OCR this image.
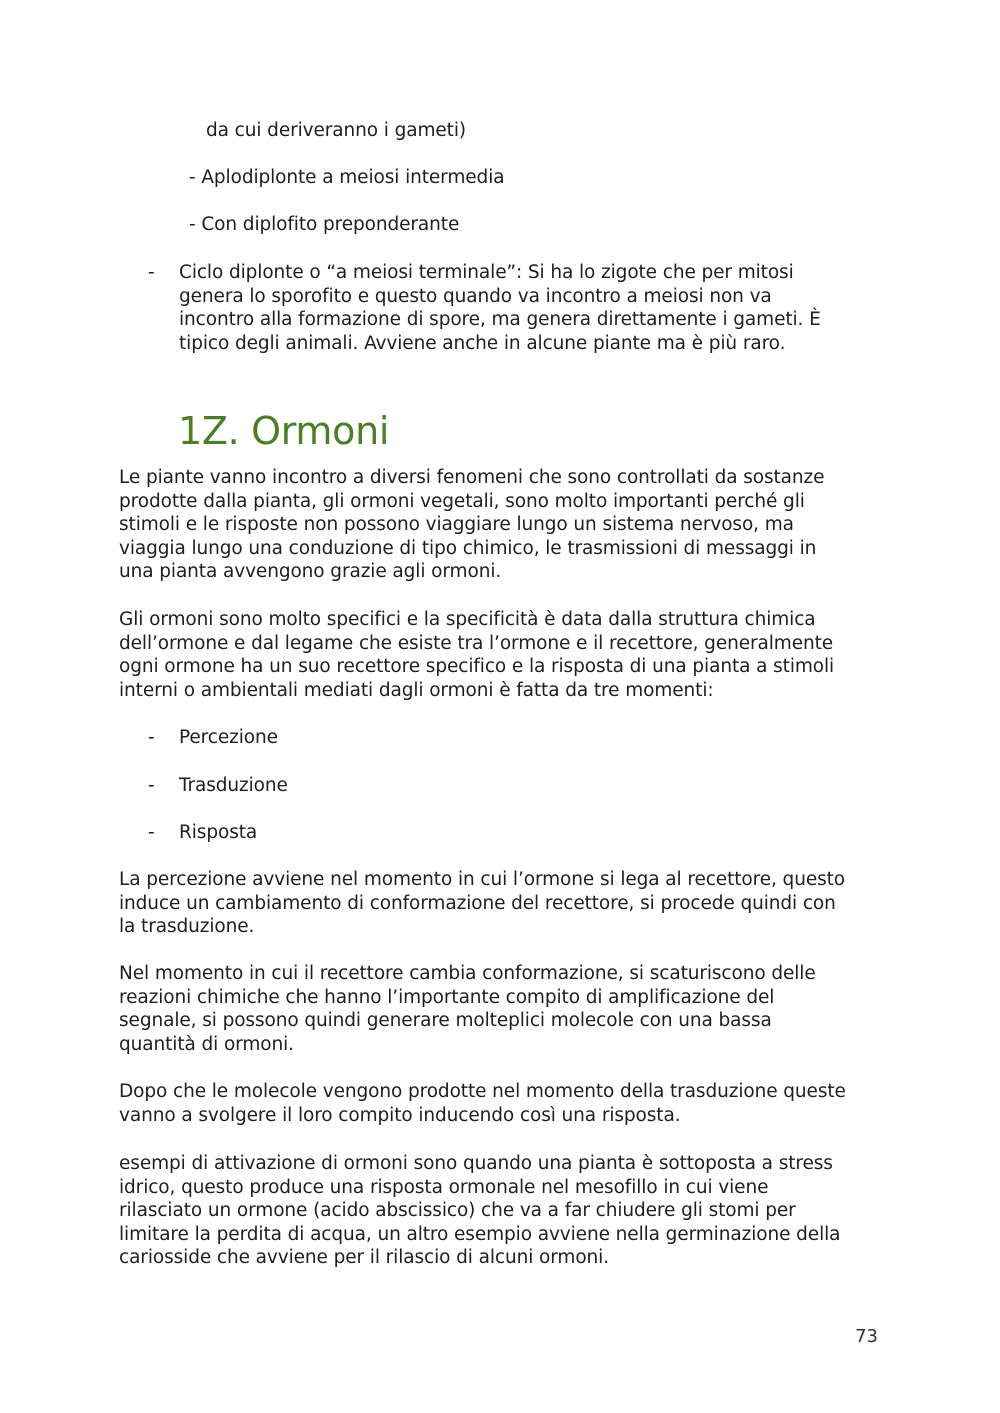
da cui deriveranno i gameti)
- Aplodiplonte a meiosi intermedia
- Con diplofito preponderante
- Ciclo diplonte o “a meiosi terminale”: Si ha lo zigote che per mitosi

genera lo sporofito e questo quando va incontro a meiosi non va

incontro alla formazione di spore, ma genera direttamente i gameti. È

tipico degli animali. Avviene anche in alcune piante ma è più raro.

1Z. Ormoni

Le piante vanno incontro a diversi fenomeni che sono controllati da sostanze

prodotte dalla pianta, gli ormoni vegetali, sono molto importanti perché gli

stimoli e le risposte non possono viaggiare lungo un sistema nervoso, ma

viaggia lungo una conduzione di tipo chimico, le trasmissioni di messaggi in

una pianta avvengono grazie agli ormoni.

Gli ormoni sono molto specifici e la specificità è data dalla struttura chimica

dell’ormone e dal legame che esiste tra l’ormone e il recettore, generalmente

ogni ormone ha un suo recettore specifico e la risposta di una pianta a stimoli

interni o ambientali mediati dagli ormoni è fatta da tre momenti:

- Percezione
- Trasduzione
- Risposta

La percezione avviene nel momento in cui l’ormone si lega al recettore, questo

induce un cambiamento di conformazione del recettore, si procede quindi con

la trasduzione.

Nel momento in cui il recettore cambia conformazione, si scaturiscono delle

reazioni chimiche che hanno l’importante compito di amplificazione del

segnale, si possono quindi generare molteplici molecole con una bassa

quantità di ormoni.

Dopo che le molecole vengono prodotte nel momento della trasduzione queste

vanno a svolgere il loro compito inducendo così una risposta.

esempi di attivazione di ormoni sono quando una pianta è sottoposta a stress

idrico, questo produce una risposta ormonale nel mesofillo in cui viene

rilasciato un ormone (acido abscissico) che va a far chiudere gli stomi per

limitare la perdita di acqua, un altro esempio avviene nella germinazione della

cariosside che avviene per il rilascio di alcuni ormoni.

73
